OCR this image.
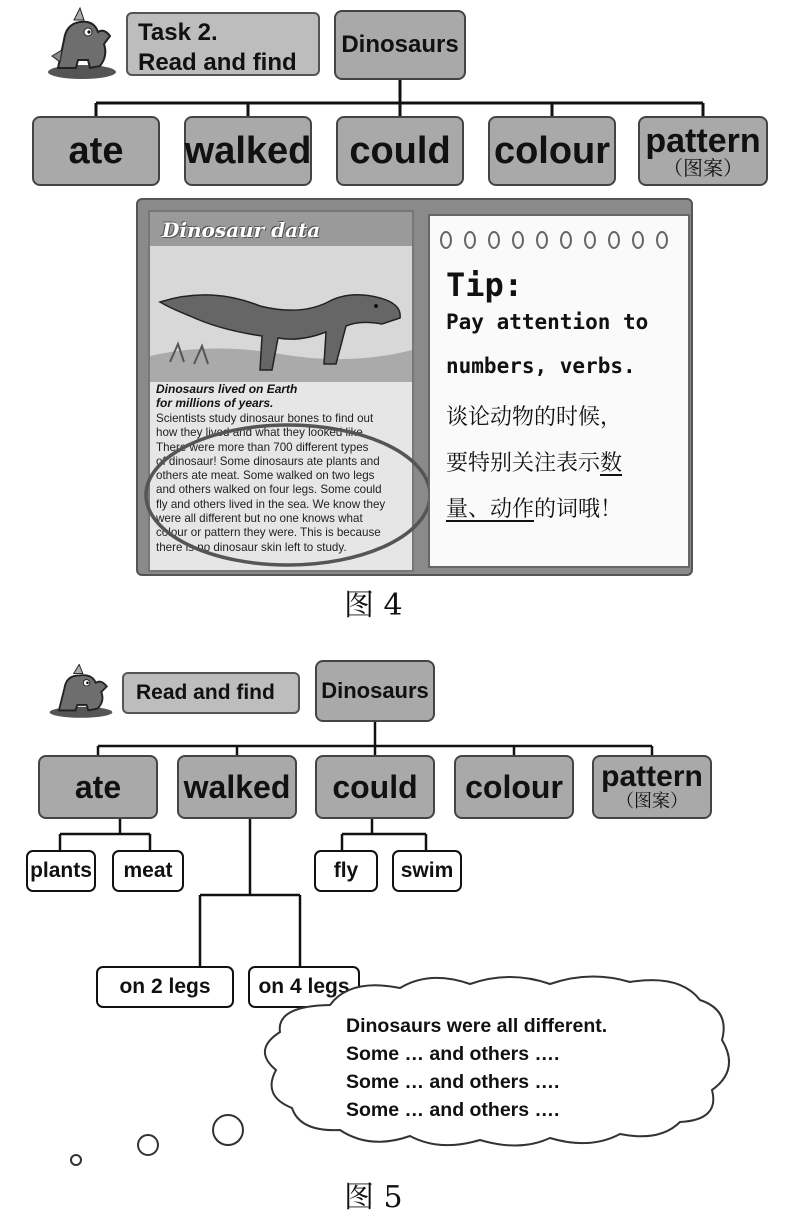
Task 2.
Read and find
Dinosaurs
ate walked could colour pattern
（图案）
Dinosaur data
Dinosaurs lived on Earth
for millions of years.
Scientists study dinosaur bones to find out
how they lived and what they looked like.
There were more than 700 different types
of dinosaur! Some dinosaurs ate plants and
others ate meat. Some walked on two legs
and others walked on four legs. Some could
fly and others lived in the sea. We know they
were all different but no one knows what
colour or pattern they were. This is because
there is no dinosaur skin left to study.
Tip:
Pay attention to
numbers, verbs.
谈论动物的时候，
要特别关注表示数
量、动作的词哦！
图 4
Read and find	Dinosaurs
ate walked could colour pattern
（图案）
plants meat	fly swim
on 2 legs on 4 legs
Dinosaurs were all different.
Some … and others ….
Some … and others ….
Some … and others ….
图 5
